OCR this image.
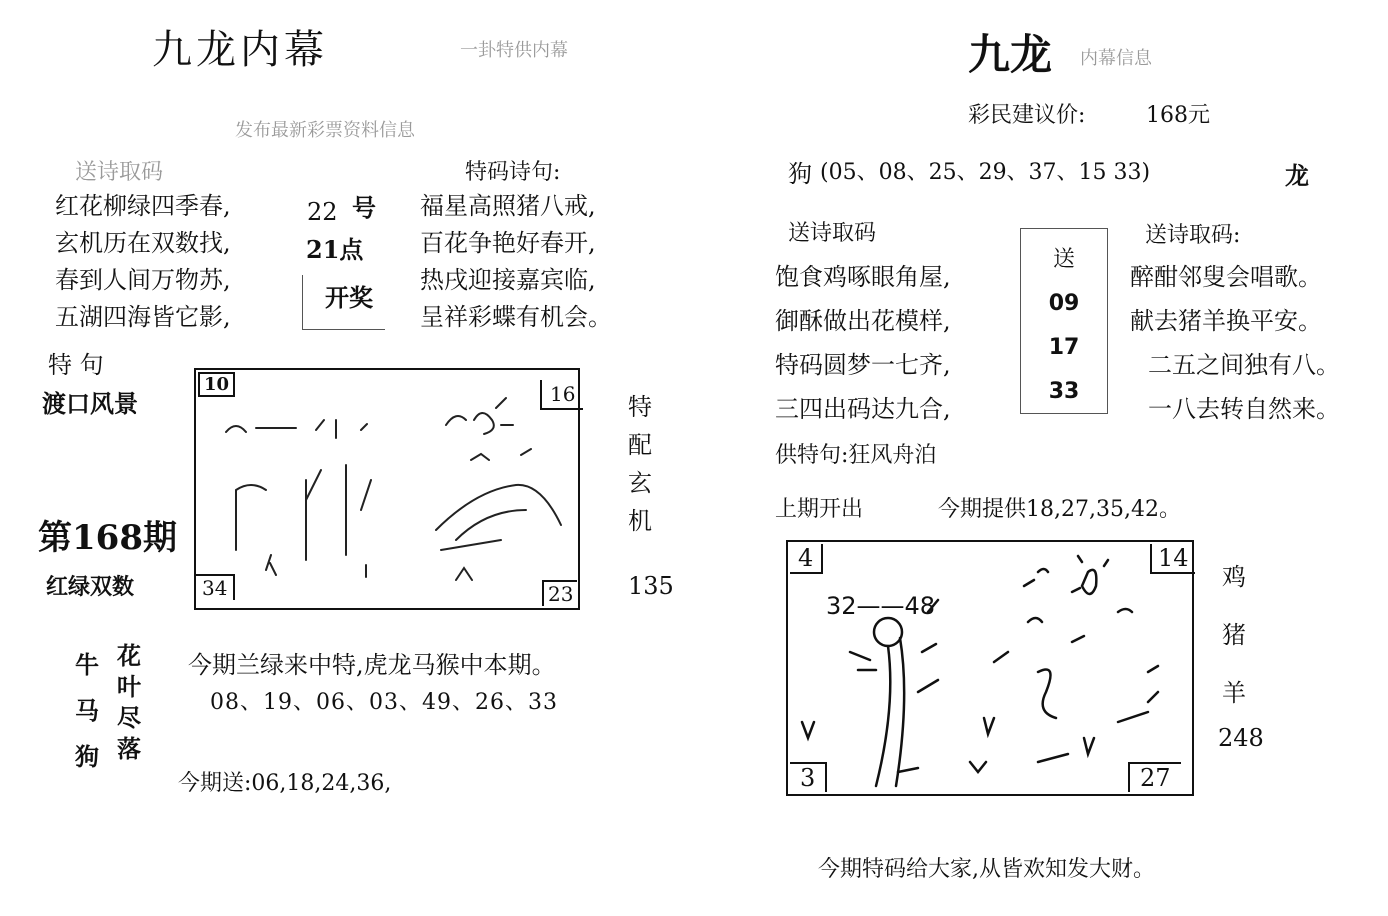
九龙内幕	一卦特供内幕
发布最新彩票资料信息
送诗取码	特码诗句:
红花柳绿四季春,
玄机历在双数找,
春到人间万物苏,
五湖四海皆它影,
22 号
21点
开奖
福星高照猪八戒,
百花争艳好春开,
热戌迎接嘉宾临,
呈祥彩蝶有机会。
特 句
渡口风景
第168期
红绿双数
10	16
34	23
特
配
玄
机
135
牛
马
狗
花
叶
尽
落
今期兰绿来中特,虎龙马猴中本期。
08、19、06、03、49、26、33
今期送:06,18,24,36,
九龙 内幕信息
彩民建议价:	168元
狗 (05、08、25、29、37、15 33)	龙
送诗取码	送诗取码:
饱食鸡啄眼角屋,
御酥做出花模样,
特码圆梦一七齐,
三四出码达九合,
送
09
17
33
醉酣邻叟会唱歌。
献去猪羊换平安。
二五之间独有八。
一八去转自然来。
供特句:狂风舟泊
上期开出	今期提供18,27,35,42。
32——48
4	14
3	27
鸡
猪
羊
248
今期特码给大家,从皆欢知发大财。
